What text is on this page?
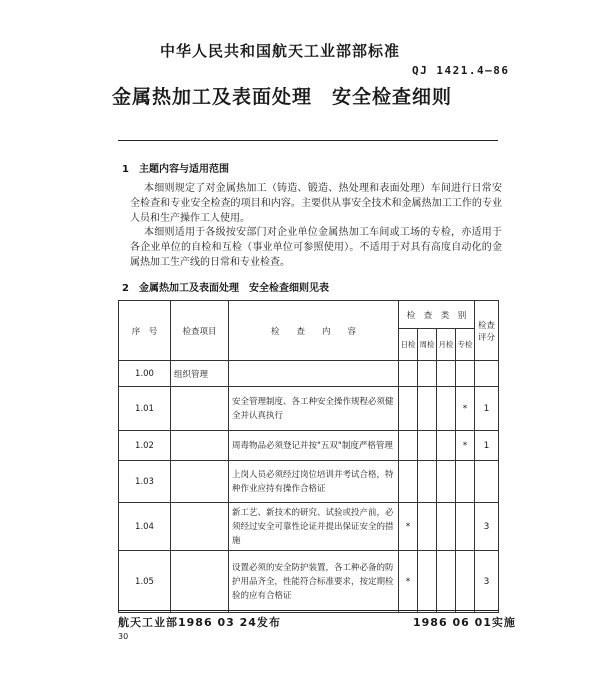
中华人民共和国航天工业部部标准
QJ 1421.4—86
金属热加工及表面处理　安全检查细则
1　主题内容与适用范围
本细则规定了对金属热加工（铸造、锻造、热处理和表面处理）车间进行日常安全检查和专业安全检查的项目和内容。主要供从事安全技术和金属热加工工作的专业人员和生产操作工人使用。
本细则适用于各级按安部门对企业单位金属热加工车间或工场的专检，亦适用于各企业单位的自检和互检（事业单位可参照使用）。不适用于对具有高度自动化的金属热加工生产线的日常和专业检查。
2　金属热加工及表面处理　安全检查细则见表
序　号	检查项目	检　　查　　内　　容	检　查　类　别				检查评分
			日检	周检	月检	专检	
1.00	组织管理						
1.01		安全管理制度、各工种安全操作规程必须健全并认真执行				*	1
1.02		周毒物品必须登记并按"五双"制度严格管理				*	1
1.03		上岗人员必须经过岗位培训并考试合格，特种作业应持有操作合格证					
1.04		新工艺、新技术的研究、试验或投产前，必须经过安全可靠性论证并提出保证安全的措施	*				3
1.05		设置必须的安全防护装置，各工种必备的防护用品齐全，性能符合标准要求，按定期检验的应有合格证	*				3
航天工业部1986 03 24发布	1986 06 01实施
30
